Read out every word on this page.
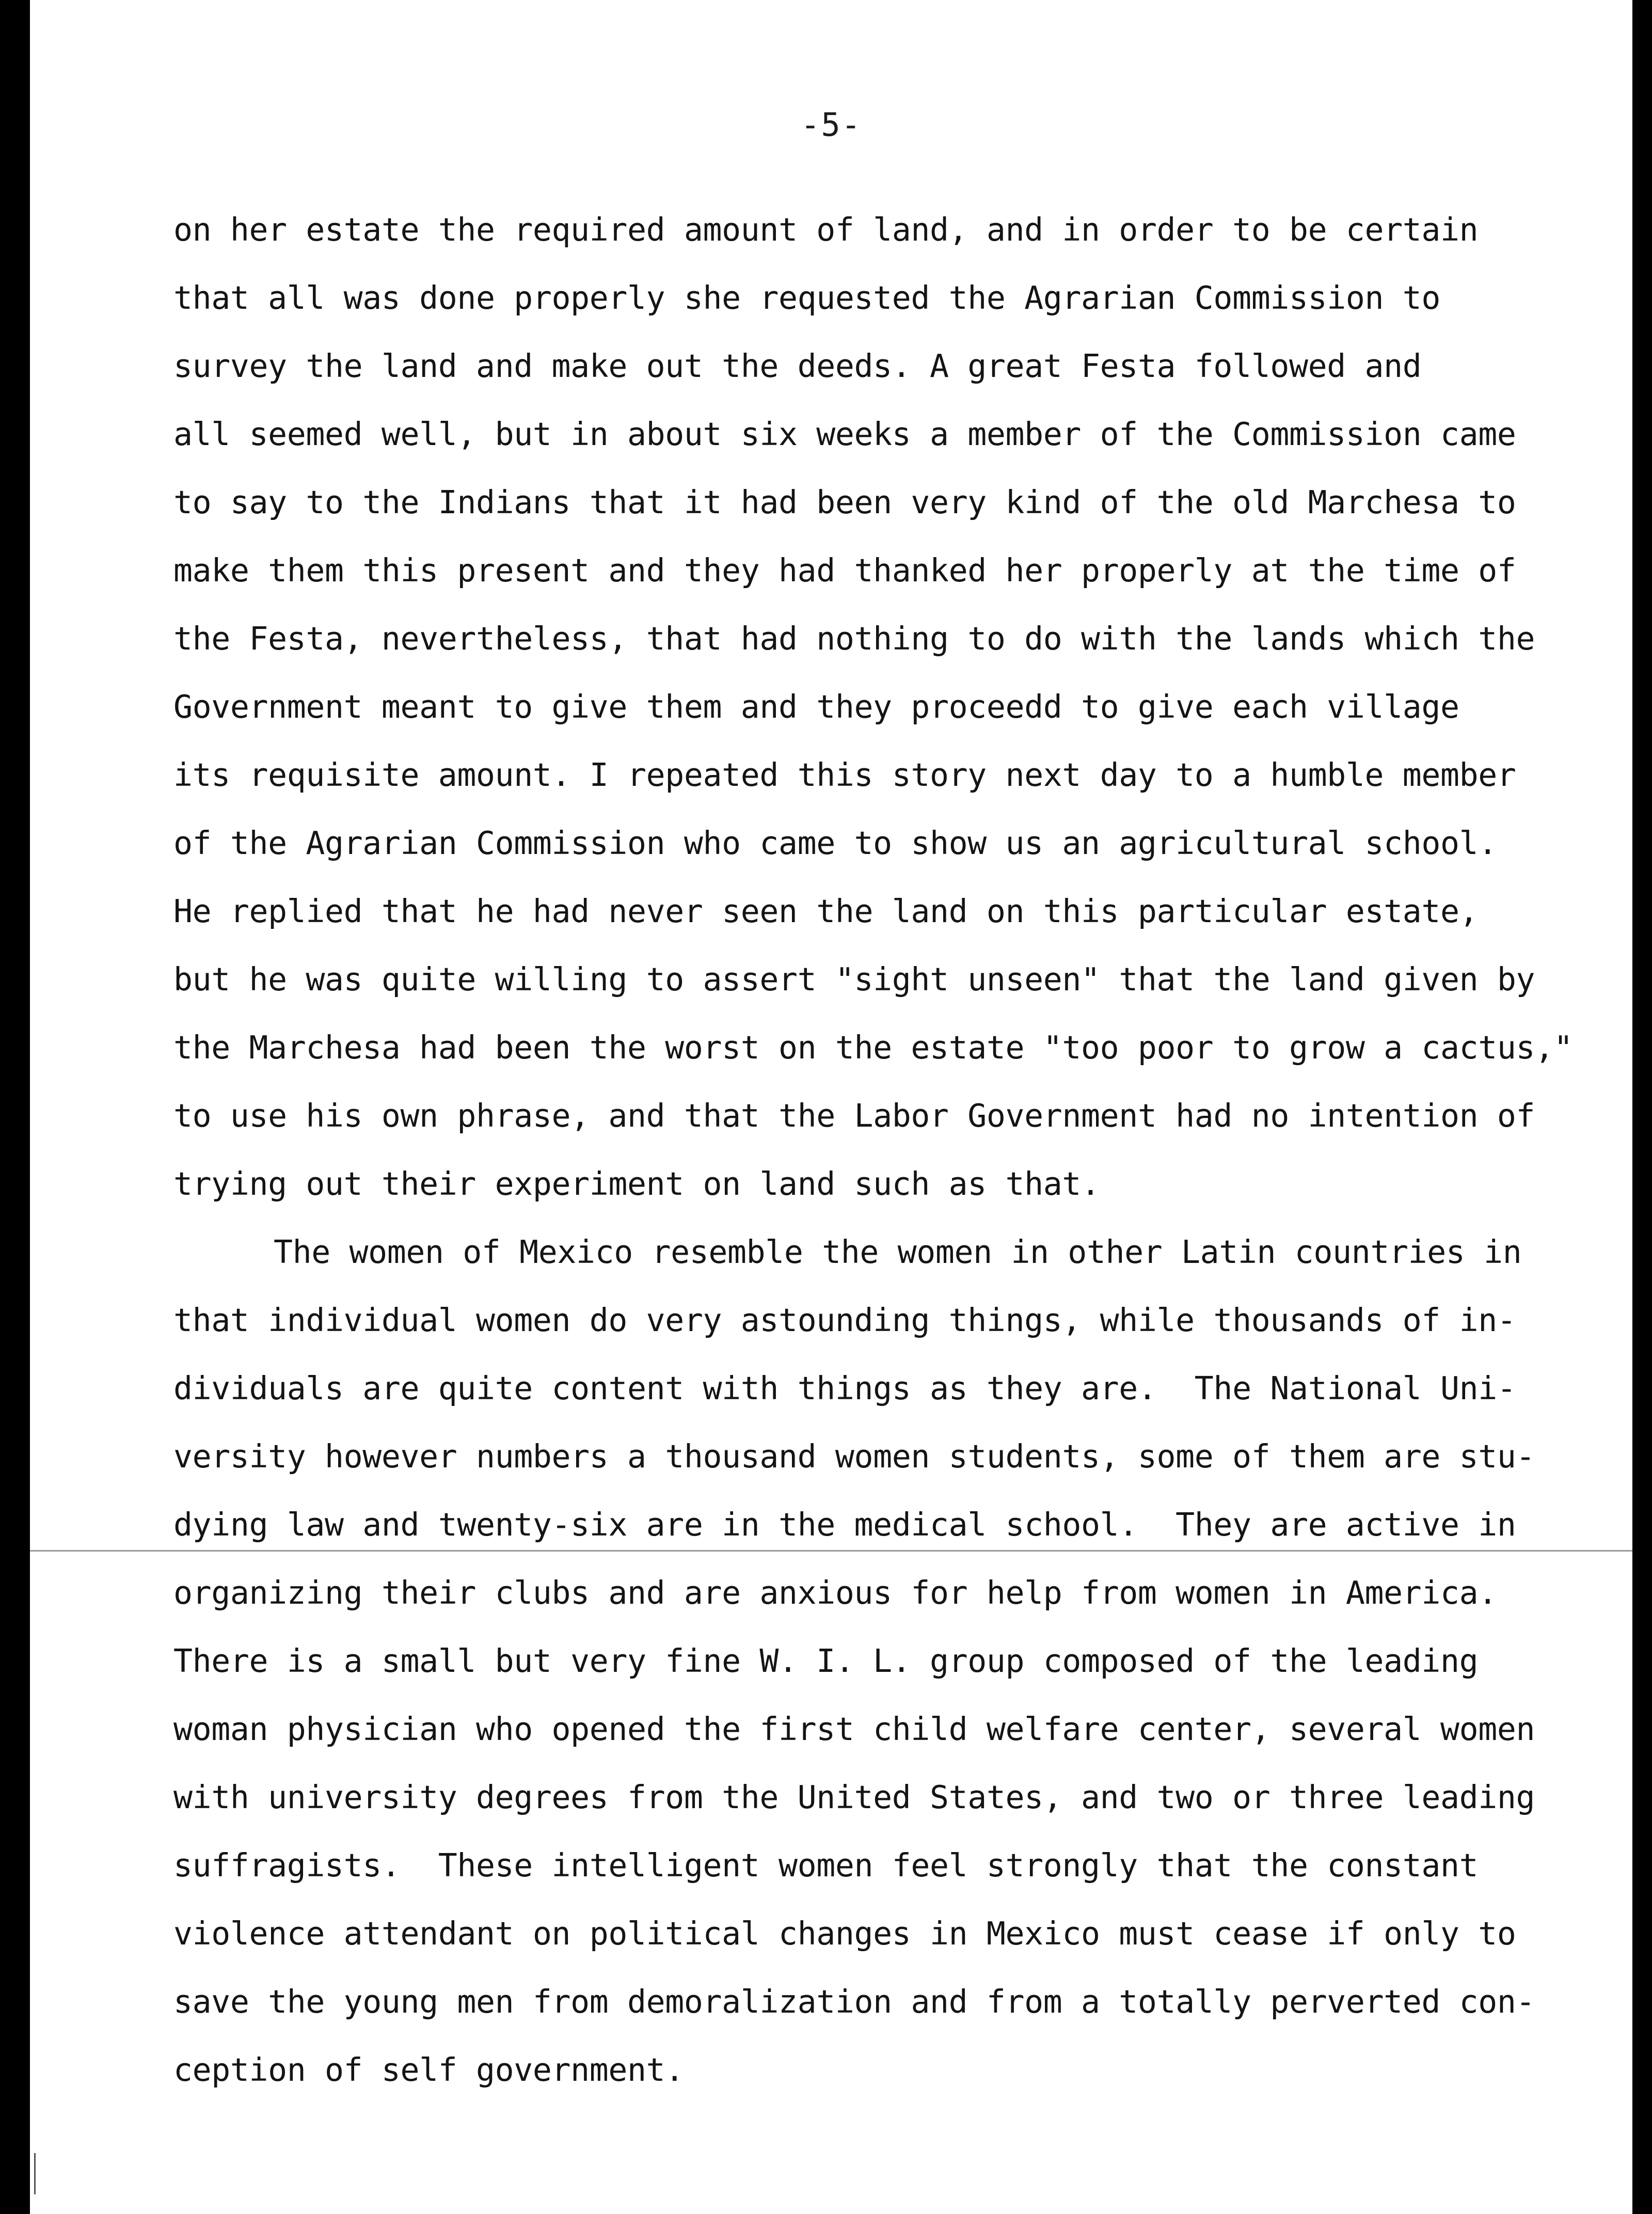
-5-
on her estate the required amount of land, and in order to be certain
that all was done properly she requested the Agrarian Commission to
survey the land and make out the deeds. A great Festa followed and
all seemed well, but in about six weeks a member of the Commission came
to say to the Indians that it had been very kind of the old Marchesa to
make them this present and they had thanked her properly at the time of
the Festa, nevertheless, that had nothing to do with the lands which the
Government meant to give them and they proceedd to give each village
its requisite amount. I repeated this story next day to a humble member
of the Agrarian Commission who came to show us an agricultural school.
He replied that he had never seen the land on this particular estate,
but he was quite willing to assert "sight unseen" that the land given by
the Marchesa had been the worst on the estate "too poor to grow a cactus,"
to use his own phrase, and that the Labor Government had no intention of
trying out their experiment on land such as that.
The women of Mexico resemble the women in other Latin countries in
that individual women do very astounding things, while thousands of in-
dividuals are quite content with things as they are.  The National Uni-
versity however numbers a thousand women students, some of them are stu-
dying law and twenty-six are in the medical school.  They are active in
organizing their clubs and are anxious for help from women in America.
There is a small but very fine W. I. L. group composed of the leading
woman physician who opened the first child welfare center, several women
with university degrees from the United States, and two or three leading
suffragists.  These intelligent women feel strongly that the constant
violence attendant on political changes in Mexico must cease if only to
save the young men from demoralization and from a totally perverted con-
ception of self government.
